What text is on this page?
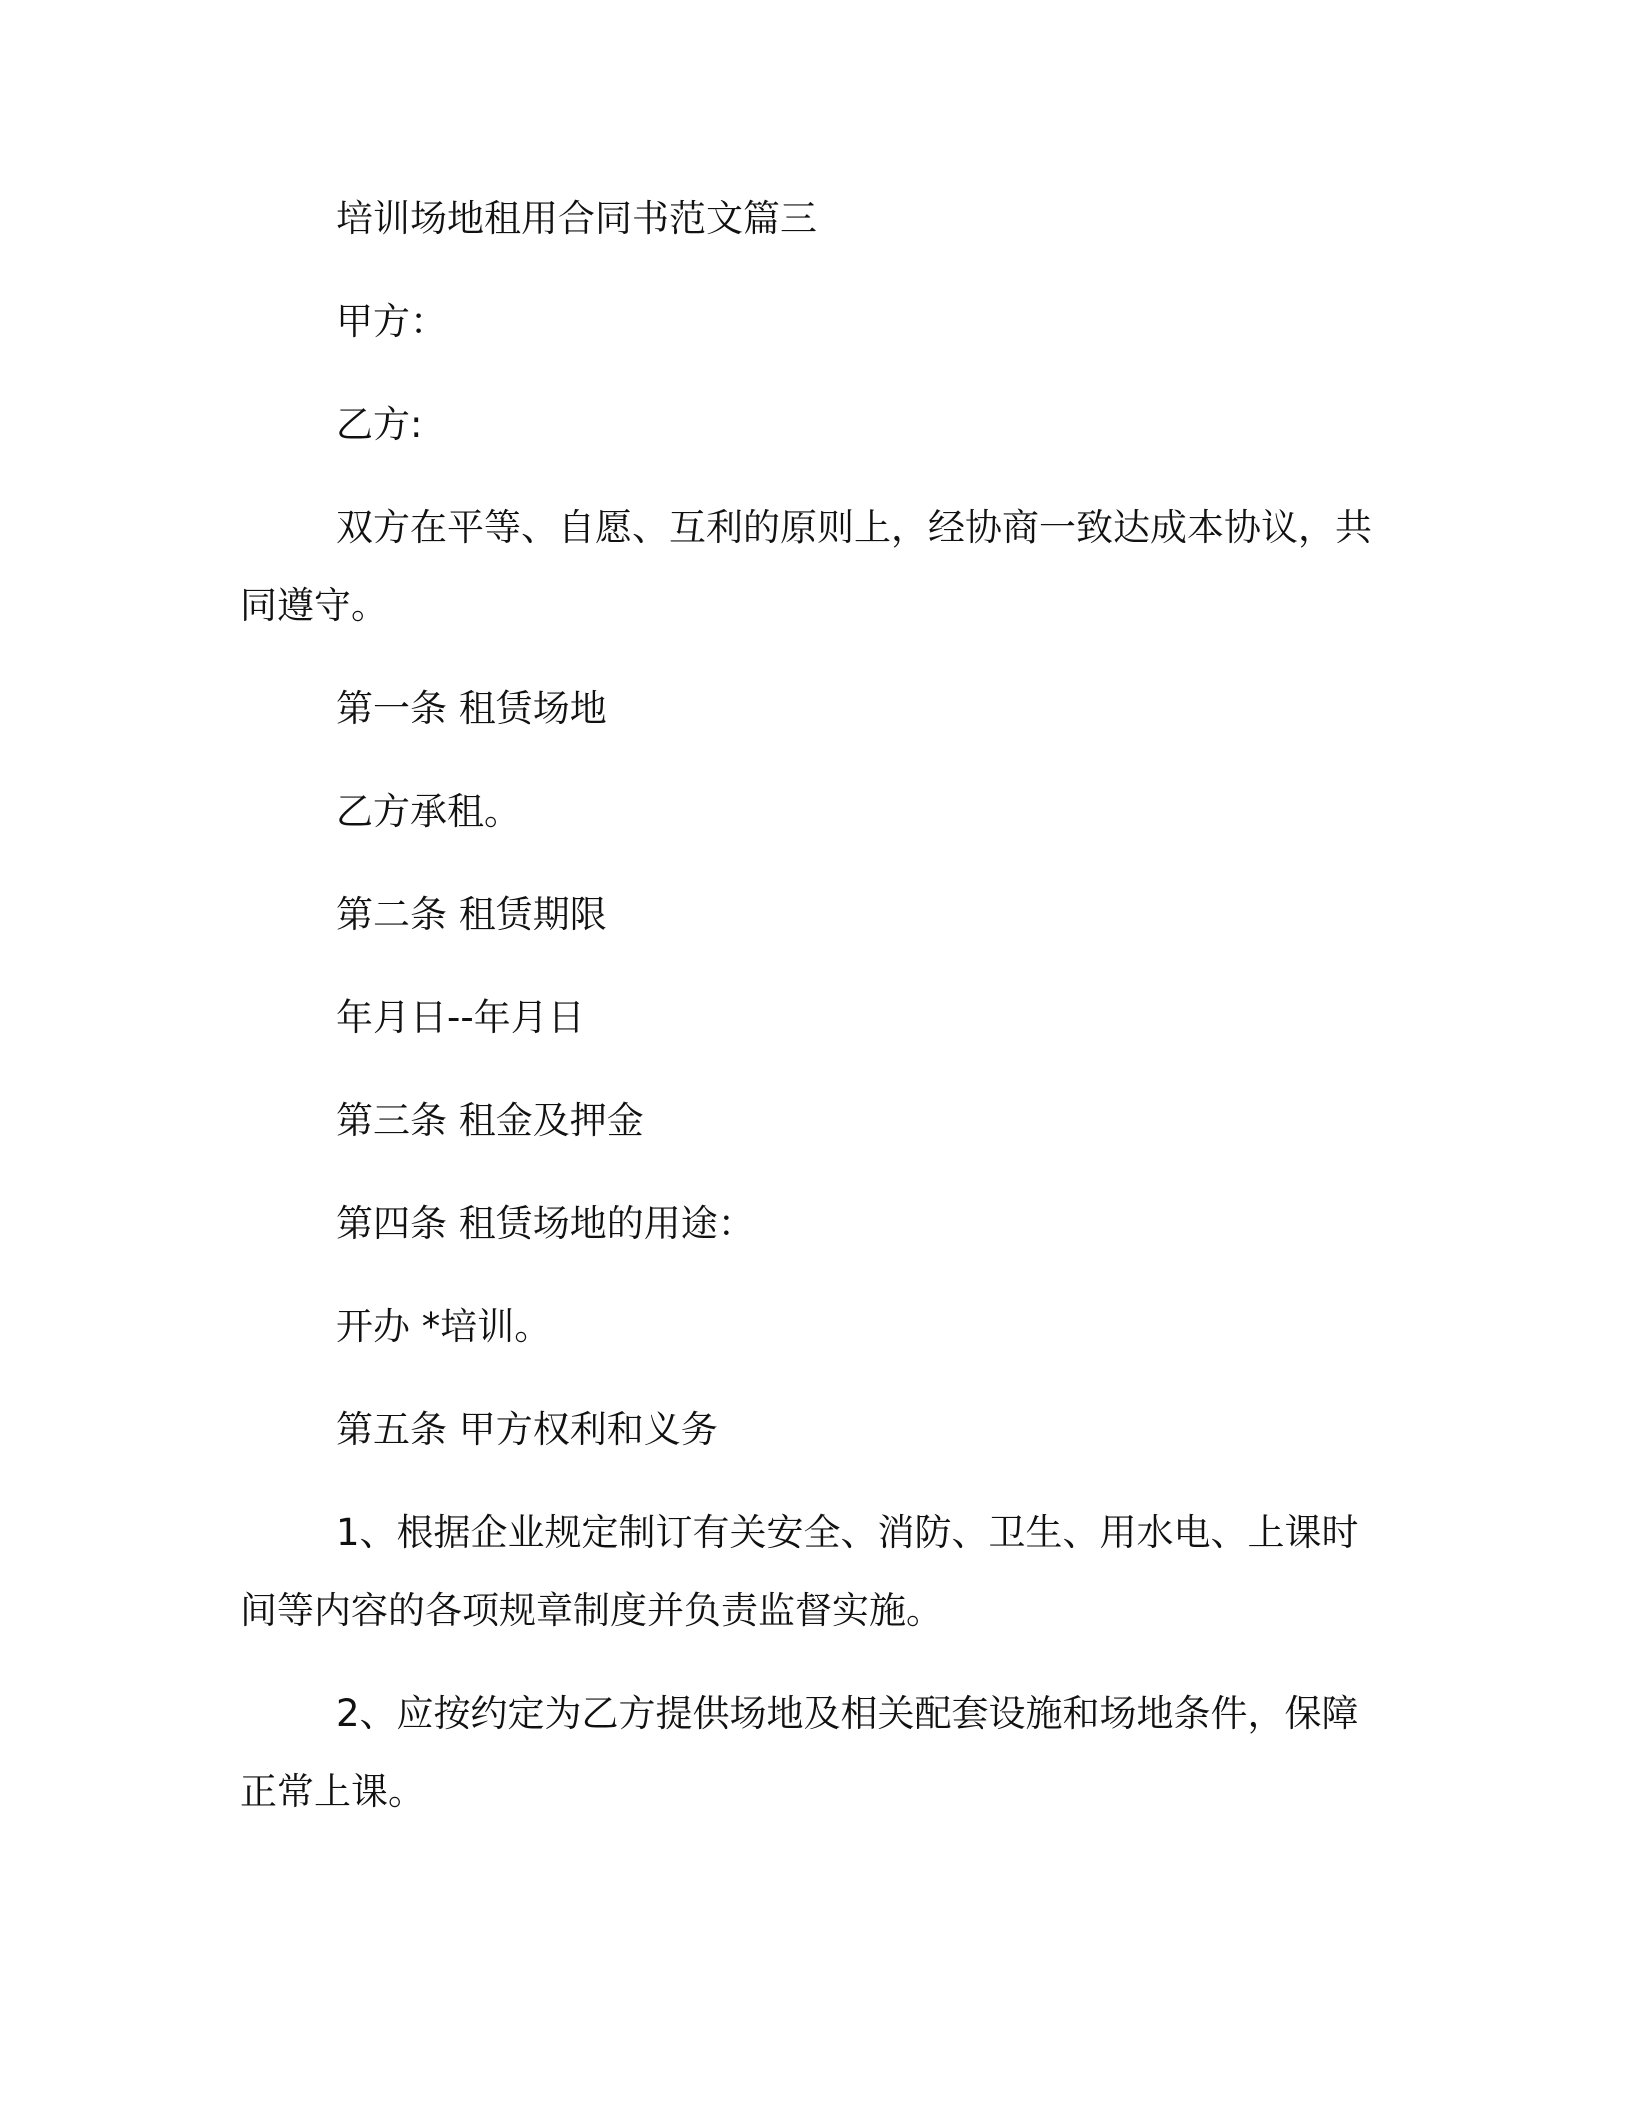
培训场地租用合同书范文篇三

甲方：

乙方:

双方在平等、自愿、互利的原则上，经协商一致达成本协议，共同遵守。

第一条 租赁场地

乙方承租。

第二条 租赁期限

年月日--年月日

第三条 租金及押金

第四条 租赁场地的用途：

开办 *培训。

第五条 甲方权利和义务

1、根据企业规定制订有关安全、消防、卫生、用水电、上课时间等内容的各项规章制度并负责监督实施。

2、应按约定为乙方提供场地及相关配套设施和场地条件，保障正常上课。
